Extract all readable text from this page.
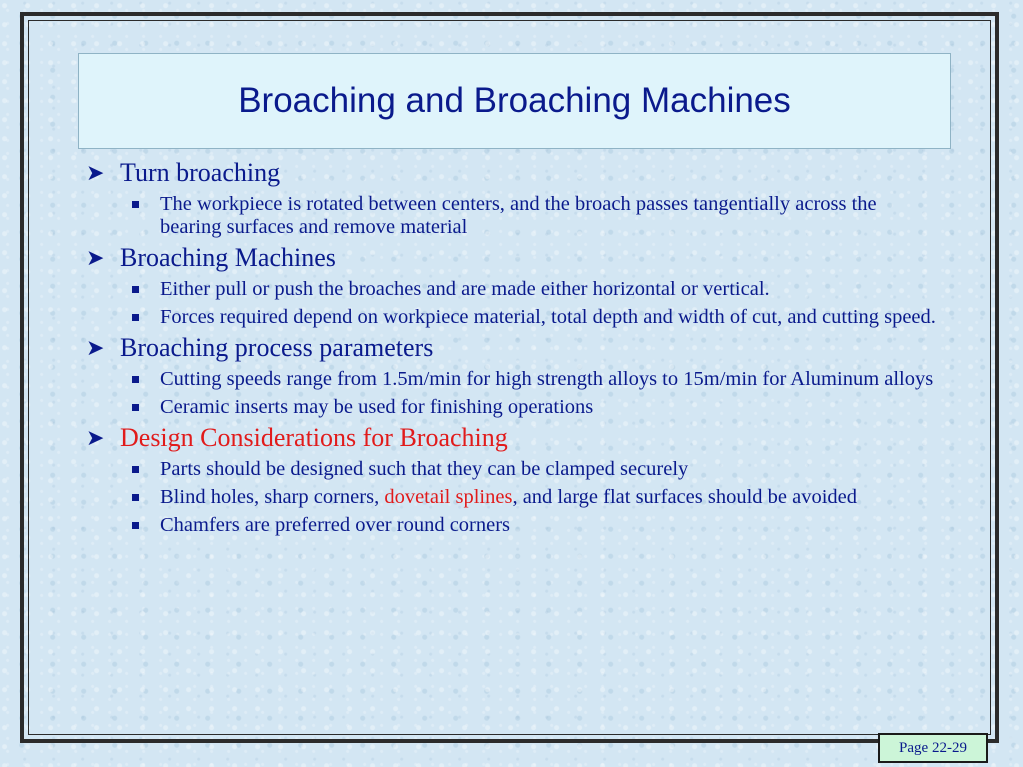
Broaching and Broaching Machines
➤ Turn broaching
The workpiece is rotated between centers, and the broach passes tangentially across the bearing surfaces and remove material
➤ Broaching Machines
Either pull or push the broaches and are made either horizontal or vertical.
Forces required depend on workpiece material, total depth and width of cut, and cutting speed.
➤ Broaching process parameters
Cutting speeds range from 1.5m/min for high strength alloys to 15m/min for Aluminum alloys
Ceramic inserts may be used for finishing operations
➤ Design Considerations for Broaching
Parts should be designed such that they can be clamped securely
Blind holes, sharp corners, dovetail splines, and large flat surfaces should be avoided
Chamfers are preferred over round corners
Page 22-29
